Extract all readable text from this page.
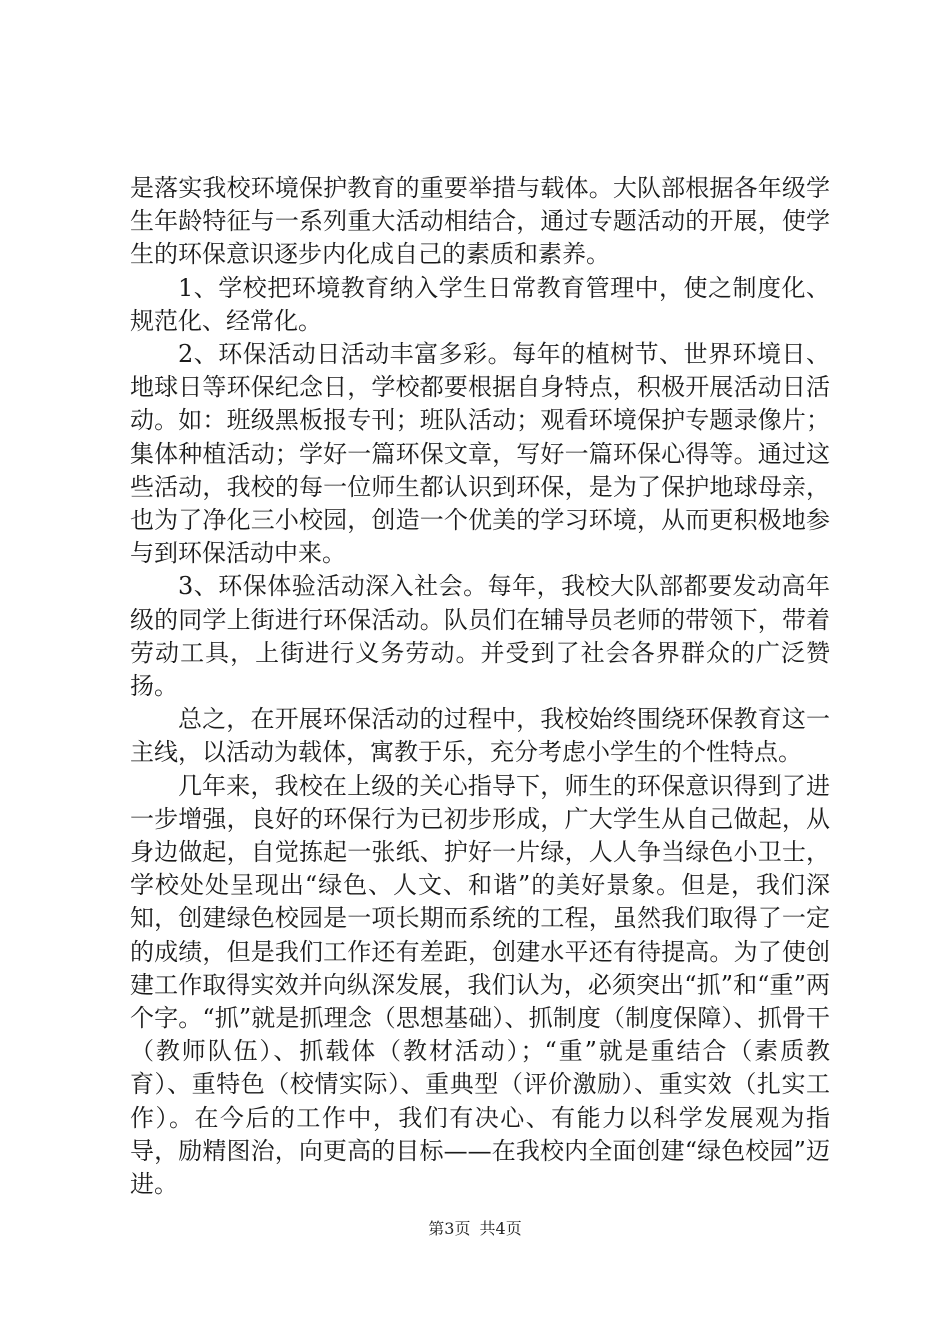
是落实我校环境保护教育的重要举措与载体。大队部根据各年级学生年龄特征与一系列重大活动相结合，通过专题活动的开展，使学生的环保意识逐步内化成自己的素质和素养。

1、学校把环境教育纳入学生日常教育管理中，使之制度化、规范化、经常化。

2、环保活动日活动丰富多彩。每年的植树节、世界环境日、地球日等环保纪念日，学校都要根据自身特点，积极开展活动日活动。如：班级黑板报专刊；班队活动；观看环境保护专题录像片；集体种植活动；学好一篇环保文章，写好一篇环保心得等。通过这些活动，我校的每一位师生都认识到环保，是为了保护地球母亲，也为了净化三小校园，创造一个优美的学习环境，从而更积极地参与到环保活动中来。

3、环保体验活动深入社会。每年，我校大队部都要发动高年级的同学上街进行环保活动。队员们在辅导员老师的带领下，带着劳动工具，上街进行义务劳动。并受到了社会各界群众的广泛赞扬。

总之，在开展环保活动的过程中，我校始终围绕环保教育这一主线，以活动为载体，寓教于乐，充分考虑小学生的个性特点。

几年来，我校在上级的关心指导下，师生的环保意识得到了进一步增强，良好的环保行为已初步形成，广大学生从自己做起，从身边做起，自觉拣起一张纸、护好一片绿，人人争当绿色小卫士，学校处处呈现出“绿色、人文、和谐”的美好景象。但是，我们深知，创建绿色校园是一项长期而系统的工程，虽然我们取得了一定的成绩，但是我们工作还有差距，创建水平还有待提高。为了使创建工作取得实效并向纵深发展，我们认为，必须突出“抓”和“重”两个字。“抓”就是抓理念（思想基础）、抓制度（制度保障）、抓骨干（教师队伍）、抓载体（教材活动）；“重”就是重结合（素质教育）、重特色（校情实际）、重典型（评价激励）、重实效（扎实工作）。在今后的工作中，我们有决心、有能力以科学发展观为指导，励精图治，向更高的目标——在我校内全面创建“绿色校园”迈进。

第3页 共4页
